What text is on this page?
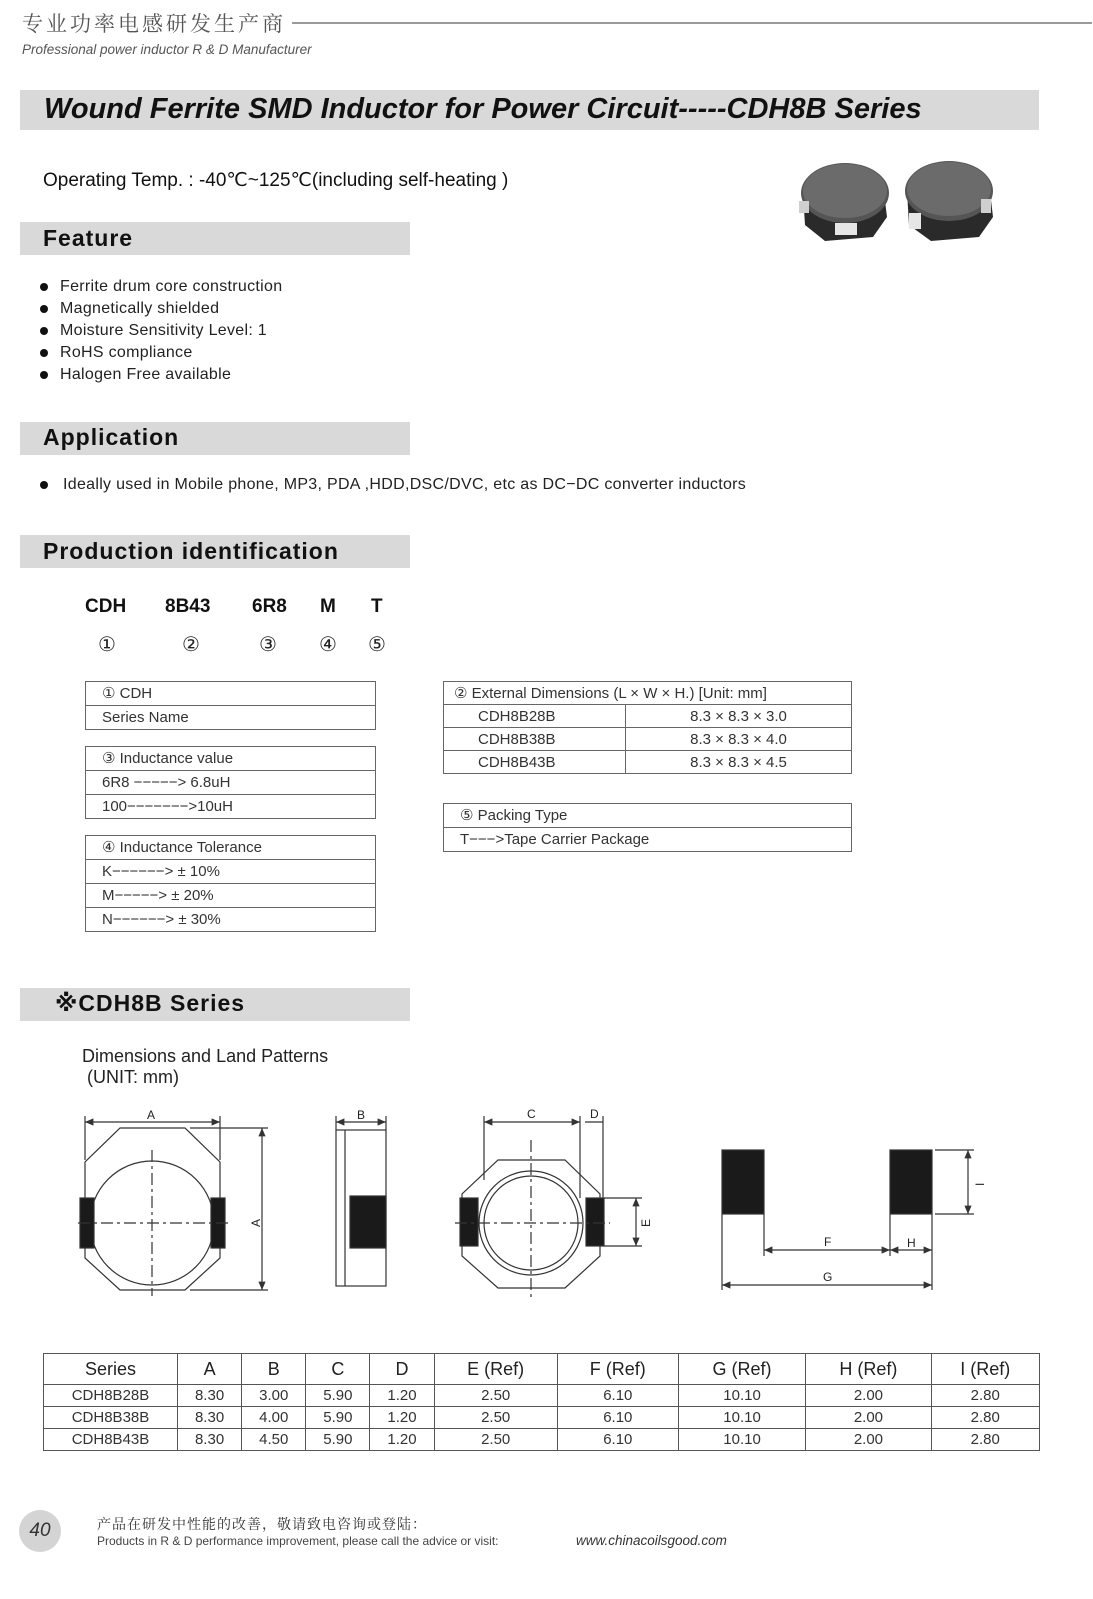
专业功率电感研发生产商
Professional power inductor R & D Manufacturer
Wound Ferrite SMD Inductor for Power Circuit-----CDH8B Series
Operating Temp. : -40℃~125℃(including self-heating )
Feature
Ferrite drum core construction
Magnetically shielded
Moisture Sensitivity Level: 1
RoHS compliance
Halogen Free available
Application
Ideally used in Mobile phone, MP3, PDA ,HDD,DSC/DVC, etc as DC−DC converter inductors
Production identification
CDH 8B43 6R8 M T
①	②	③ ④ ⑤
① CDH
Series Name
③ Inductance value
6R8 −−−−−> 6.8uH
100−−−−−−−>10uH
④ Inductance Tolerance
K−−−−−−> ± 10%
M−−−−−> ± 20%
N−−−−−−> ± 30%
② External Dimensions (L × W × H.) [Unit: mm]	
CDH8B28B	8.3 × 8.3 × 3.0
CDH8B38B	8.3 × 8.3 × 4.0
CDH8B43B	8.3 × 8.3 × 4.5
⑤ Packing Type
T−−−>Tape Carrier Package
※CDH8B Series
Dimensions and Land Patterns
(UNIT: mm)
A
A
B	C	D
E
F	H
G
I
Series	A	B	C	D	E (Ref)	F (Ref)	G (Ref)	H (Ref)	I (Ref)
CDH8B28B	8.30	3.00	5.90	1.20	2.50	6.10	10.10	2.00	2.80
CDH8B38B	8.30	4.00	5.90	1.20	2.50	6.10	10.10	2.00	2.80
CDH8B43B	8.30	4.50	5.90	1.20	2.50	6.10	10.10	2.00	2.80
40	产品在研发中性能的改善，敬请致电咨询或登陆：
Products in R & D performance improvement, please call the advice or visit:	www.chinacoilsgood.com
